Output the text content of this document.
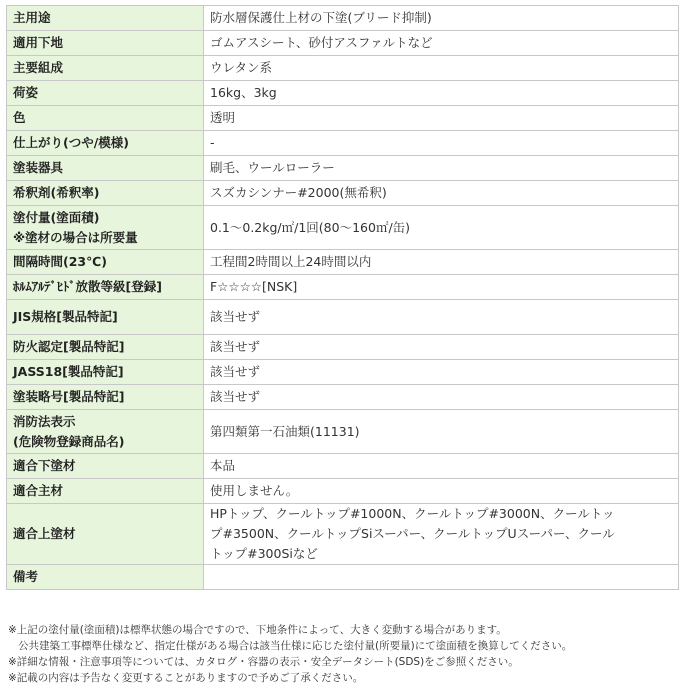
主用途	防水層保護仕上材の下塗(ブリード抑制)

適用下地	ゴムアスシート、砂付アスファルトなど

主要組成	ウレタン系

荷姿	16kg、3kg

色	透明

仕上がり(つや/模様)	-

塗装器具	刷毛、ウールローラー

希釈剤(希釈率)	スズカシンナー#2000(無希釈)

塗付量(塗面積)
※塗材の場合は所要量	0.1～0.2kg/㎡/1回(80～160㎡/缶)

間隔時間(23℃)	工程間2時間以上24時間以内

ﾎﾙﾑｱﾙﾃﾞﾋﾄﾞ放散等級[登録]	F☆☆☆☆[NSK]

JIS規格[製品特記]	該当せず

防火認定[製品特記]	該当せず

JASS18[製品特記]	該当せず

塗装略号[製品特記]	該当せず

消防法表示
(危険物登録商品名)	第四類第一石油類(11131)

適合下塗材	本品

適合主材	使用しません。

適合上塗材	HPトップ、クールトップ#1000N、クールトップ#3000N、クールトッ
プ#3500N、クールトップSiスーパー、クールトップUスーパー、クール
トップ#300Siなど

備考	

※上記の塗付量(塗面積)は標準状態の場合ですので、下地条件によって、大きく変動する場合があります。
公共建築工事標準仕様など、指定仕様がある場合は該当仕様に応じた塗付量(所要量)にて塗面積を換算してください。
※詳細な情報・注意事項等については、カタログ・容器の表示・安全データシート(SDS)をご参照ください。
※記載の内容は予告なく変更することがありますので予めご了承ください。
